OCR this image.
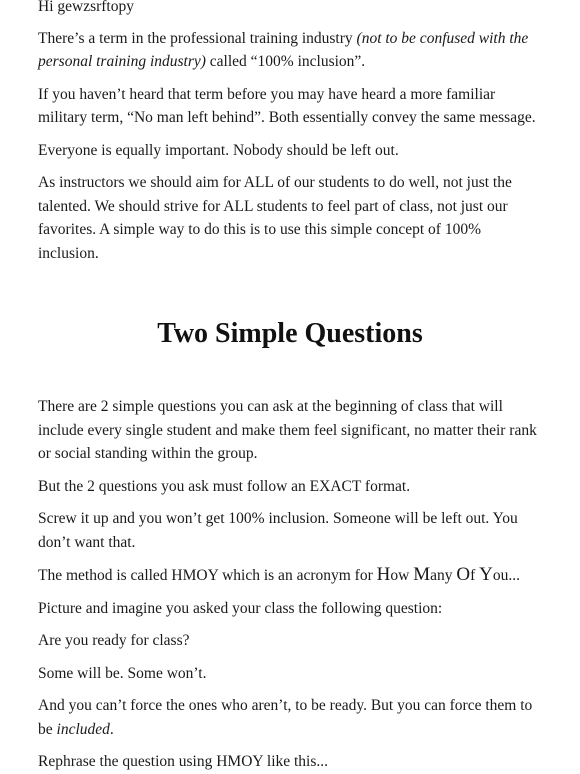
Hi gewzsrftopy

There’s a term in the professional training industry (not to be confused with the personal training industry) called “100% inclusion”.

If you haven’t heard that term before you may have heard a more familiar military term, “No man left behind”. Both essentially convey the same message.

Everyone is equally important. Nobody should be left out.

As instructors we should aim for ALL of our students to do well, not just the talented. We should strive for ALL students to feel part of class, not just our favorites. A simple way to do this is to use this simple concept of 100% inclusion.

Two Simple Questions

There are 2 simple questions you can ask at the beginning of class that will include every single student and make them feel significant, no matter their rank or social standing within the group.

But the 2 questions you ask must follow an EXACT format.

Screw it up and you won’t get 100% inclusion. Someone will be left out. You don’t want that.

The method is called HMOY which is an acronym for How Many Of You...

Picture and imagine you asked your class the following question:

Are you ready for class?

Some will be. Some won’t.

And you can’t force the ones who aren’t, to be ready. But you can force them to be included.

Rephrase the question using HMOY like this...
